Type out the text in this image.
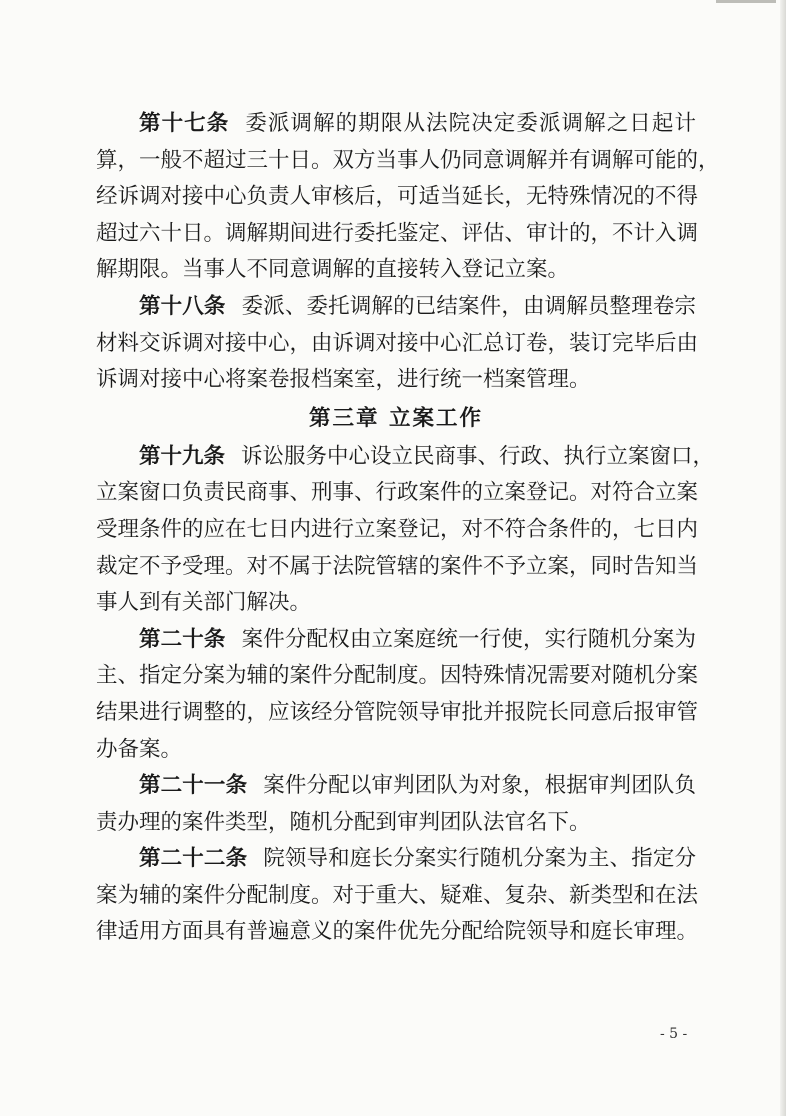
第十七条 委派调解的期限从法院决定委派调解之日起计

算，一般不超过三十日。双方当事人仍同意调解并有调解可能的，

经诉调对接中心负责人审核后，可适当延长，无特殊情况的不得

超过六十日。调解期间进行委托鉴定、评估、审计的，不计入调

解期限。当事人不同意调解的直接转入登记立案。

第十八条 委派、委托调解的已结案件，由调解员整理卷宗

材料交诉调对接中心，由诉调对接中心汇总订卷，装订完毕后由

诉调对接中心将案卷报档案室，进行统一档案管理。

第三章 立案工作

第十九条 诉讼服务中心设立民商事、行政、执行立案窗口，

立案窗口负责民商事、刑事、行政案件的立案登记。对符合立案

受理条件的应在七日内进行立案登记，对不符合条件的，七日内

裁定不予受理。对不属于法院管辖的案件不予立案，同时告知当

事人到有关部门解决。

第二十条 案件分配权由立案庭统一行使，实行随机分案为

主、指定分案为辅的案件分配制度。因特殊情况需要对随机分案

结果进行调整的，应该经分管院领导审批并报院长同意后报审管

办备案。

第二十一条 案件分配以审判团队为对象，根据审判团队负

责办理的案件类型，随机分配到审判团队法官名下。

第二十二条 院领导和庭长分案实行随机分案为主、指定分

案为辅的案件分配制度。对于重大、疑难、复杂、新类型和在法

律适用方面具有普遍意义的案件优先分配给院领导和庭长审理。

- 5 -
